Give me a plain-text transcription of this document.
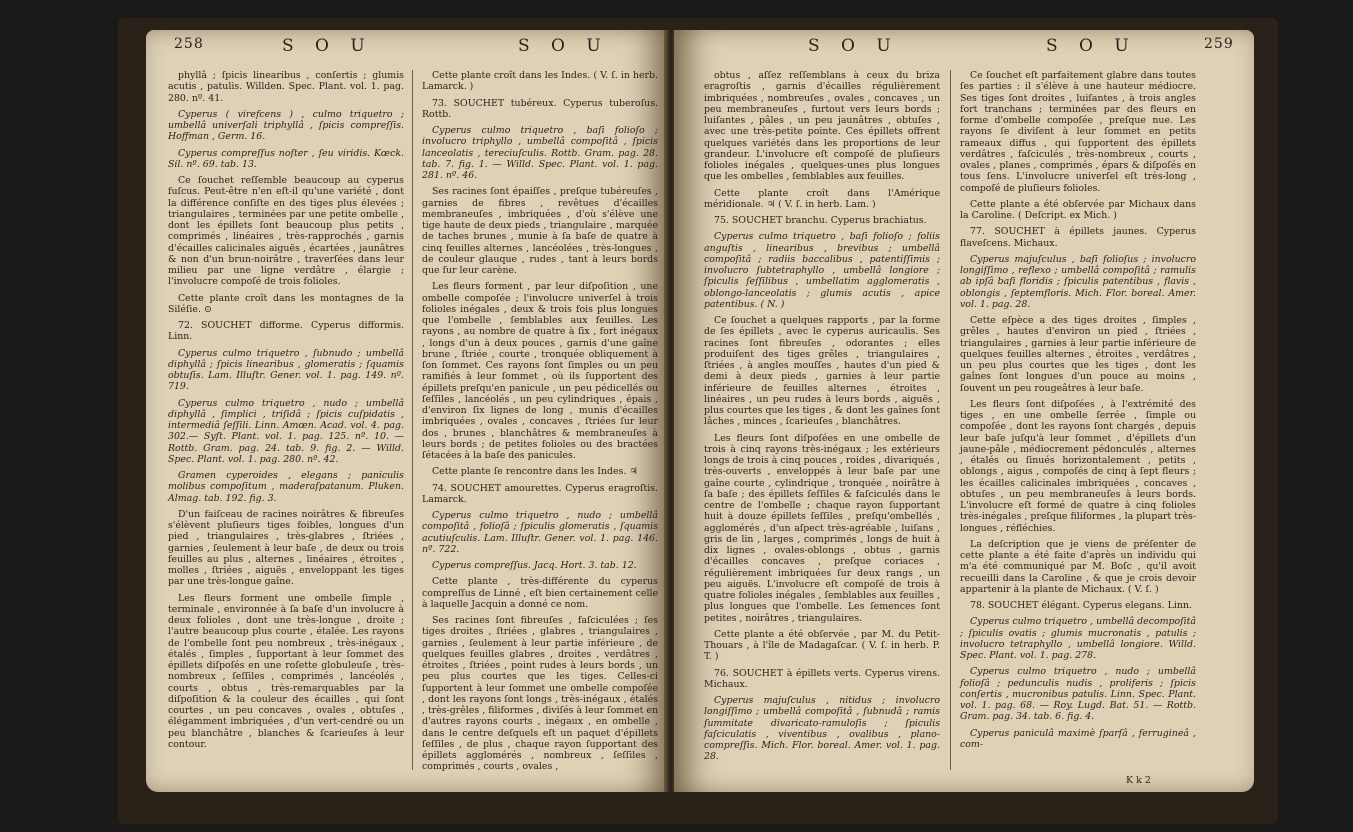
258	S O U	S O U

phyllâ ; ſpicis linearibus , conſertis ; glumis acutis , patulis. Willden. Spec. Plant. vol. 1. pag. 280. nº. 41.

Cyperus ( virefcens ) , culmo triquetro ; umbellâ univerſali triphyllâ , ſpicis compreſſis. Hoffman , Germ. 16.

Cyperus compreſſus noſter , ſeu viridis. Kœck. Sil. nº. 69. tab. 13.

Ce ſouchet reſſemble beaucoup au cyperus fuſcus. Peut-être n'en eſt-il qu'une variété , dont la différence conſiſte en des tiges plus élevées ; triangulaires , terminées par une petite ombelle , dont les épillets ſont beaucoup plus petits , comprimés , linéaires , très-rapprochés , garnis d'écailles calicinales aiguës , écartées , jaunâtres & non d'un brun-noirâtre , traverſées dans leur milieu par une ligne verdâtre , élargie ; l'involucre compoſé de trois folioles.

Cette plante croît dans les montagnes de la Siléſie. ⊙

72. SOUCHET difforme. Cyperus difformis. Linn.

Cyperus culmo triquetro , ſubnudo ; umbellâ diphyllâ ; ſpicis linearibus , glomeratis ; ſquamis obtuſis. Lam. Illuſtr. Gener. vol. 1. pag. 149. nº. 719.

Cyperus culmo triquetro , nudo ; umbellâ diphyllâ , ſimplici , triſidâ ; ſpicis cuſpidatis , intermediâ ſeſſili. Linn. Amœn. Acad. vol. 4. pag. 302.— Syſt. Plant. vol. 1. pag. 125. nº. 10. — Rottb. Gram. pag. 24. tab. 9. fig. 2. — Willd. Spec. Plant. vol. 1. pag. 280. nº. 42.

Gramen cyperoides , elegans ; paniculis molibus compoſitum , maderaſpatanum. Pluken. Almag. tab. 192. fig. 3.

D'un faiſceau de racines noirâtres & fibreuſes s'élèvent pluſieurs tiges foibles, longues d'un pied , triangulaires , très-glabres , ſtriées , garnies , ſeulement à leur baſe , de deux ou trois feuilles au plus , alternes , linéaires , étroites , molles , ſtriées , aiguës , enveloppant les tiges par une très-longue gaîne.

Les fleurs forment une ombelle ſimple , terminale , environnée à ſa baſe d'un involucre à deux folioles , dont une très-longue , droite ; l'autre beaucoup plus courte , étalée. Les rayons de l'ombelle ſont peu nombreux , très-inégaux , étalés , ſimples , ſupportant à leur ſommet des épillets diſpoſés en une roſette globuleuſe , très-nombreux , ſeſſiles , comprimés , lancéolés , courts , obtus , très-remarquables par la diſpoſition & la couleur des écailles , qui ſont courtes , un peu concaves , ovales , obtuſes , élégamment imbriquées , d'un vert-cendré ou un peu blanchâtre , blanches & ſcarieuſes à leur contour.

Cette plante croît dans les Indes. ( V. ſ. in herb. Lamarck. )

73. SOUCHET tubéreux. Cyperus tuberoſus. Rottb.

Cyperus culmo triquetro , baſi folioſo ; involucro triphyllo , umbellâ compoſitâ , ſpicis lanceolatis , tereciuſculis. Rottb. Gram. pag. 28. tab. 7. fig. 1. — Willd. Spec. Plant. vol. 1. pag. 281. nº. 46.

Ses racines ſont épaiſſes , preſque tubéreuſes , garnies de fibres , revêtues d'écailles membraneuſes , imbriquées , d'où s'élève une tige haute de deux pieds , triangulaire , marquée de taches brunes , munie à ſa baſe de quatre à cinq feuilles alternes , lancéolées , très-longues , de couleur glauque , rudes , tant à leurs bords que ſur leur carène.

Les fleurs forment , par leur diſpoſition , une ombelle compoſée ; l'involucre univerſel à trois folioles inégales , deux & trois fois plus longues que l'ombelle , ſemblables aux feuilles. Les rayons , au nombre de quatre à ſix , fort inégaux , longs d'un à deux pouces , garnis d'une gaîne brune , ſtriée , courte , tronquée obliquement à ſon ſommet. Ces rayons ſont ſimples ou un peu ramifiés à leur ſommet , où ils ſupportent des épillets preſqu'en panicule , un peu pédicellés ou ſeſſiles , lancéolés , un peu cylindriques , épais , d'environ ſix lignes de long , munis d'écailles imbriquées , ovales , concaves , ſtriées ſur leur dos , brunes , blanchâtres & membraneuſes à leurs bords ; de petites folioles ou des bractées ſétacées à la baſe des panicules.

Cette plante ſe rencontre dans les Indes. ♃

74. SOUCHET amourettes. Cyperus eragroſtis. Lamarck.

Cyperus culmo triquetro , nudo ; umbellâ compoſitâ , folioſâ ; ſpiculis glomeratis , ſquamis acutiuſculis. Lam. Illuſtr. Gener. vol. 1. pag. 146. nº. 722.

Cyperus compreſſus. Jacq. Hort. 3. tab. 12.

Cette plante , très-différente du cyperus compreſſus de Linné , eſt bien certainement celle à laquelle Jacquin a donné ce nom.

Ses racines ſont fibreuſes , faſciculées ; ſes tiges droites , ſtriées , glabres , triangulaires , garnies , ſeulement à leur partie inférieure , de quelques feuilles glabres , droites , verdâtres , étroites , ſtriées , point rudes à leurs bords , un peu plus courtes que les tiges. Celles-ci ſupportent à leur ſommet une ombelle compoſée , dont les rayons ſont longs , très-inégaux , étalés , très-grêles , filiformes , diviſés à leur ſommet en d'autres rayons courts , inégaux , en ombelle , dans le centre deſquels eſt un paquet d'épillets ſeſſiles , de plus , chaque rayon ſupportant des épillets agglomérés , nombreux , ſeſſiles , comprimés , courts , ovales ,

S O U	S O U	259

obtus , aſſez reſſemblans à ceux du briza eragroſtis , garnis d'écailles régulièrement imbriquées , nombreuſes , ovales , concaves , un peu membraneuſes , furtout vers leurs bords ; luiſantes , pâles , un peu jaunâtres , obtuſes , avec une très-petite pointe. Ces épillets offrent quelques variétés dans les proportions de leur grandeur. L'involucre eſt compoſé de pluſieurs folioles inégales , quelques-unes plus longues que les ombelles , ſemblables aux feuilles.

Cette plante croît dans l'Amérique méridionale. ♃ ( V. ſ. in herb. Lam. )

75. SOUCHET branchu. Cyperus brachiatus.

Cyperus culmo triquetro , baſi folioſo ; foliis anguſtis , linearibus , brevibus ; umbellâ compoſitâ ; radiis baccalibus , patentiſſimis ; involucro ſubtetraphyllo , umbellâ longiore ; ſpiculis ſeſſilibus , umbellatim agglomeratis , oblongo-lanceolatis ; glumis acutis , apice patentibus. ( N. )

Ce ſouchet a quelques rapports , par la forme de ſes épillets , avec le cyperus auricaulis. Ses racines ſont fibreuſes , odorantes ; elles produiſent des tiges grêles , triangulaires , ſtriées , à angles mouſſes , hautes d'un pied & demi à deux pieds , garnies à leur partie inférieure de feuilles alternes , étroites , linéaires , un peu rudes à leurs bords , aiguës , plus courtes que les tiges , & dont les gaînes ſont lâches , minces , ſcarieuſes , blanchâtres.

Les fleurs ſont diſpoſées en une ombelle de trois à cinq rayons très-inégaux ; les extérieurs longs de trois à cinq pouces , roides , divariqués , très-ouverts , enveloppés à leur baſe par une gaîne courte , cylindrique , tronquée , noirâtre à ſa baſe ; des épillets ſeſſiles & faſciculés dans le centre de l'ombelle ; chaque rayon ſupportant huit à douze épillets ſeſſiles , preſqu'ombellés , agglomérés , d'un aſpect très-agréable , luiſans , gris de lin , larges , comprimés , longs de huit à dix lignes , ovales-oblongs , obtus , garnis d'écailles concaves , preſque coriaces , régulièrement imbriquées ſur deux rangs , un peu aiguës. L'involucre eſt compoſé de trois à quatre folioles inégales , ſemblables aux feuilles , plus longues que l'ombelle. Les ſemences ſont petites , noirâtres , triangulaires.

Cette plante a été obſervée , par M. du Petit-Thouars , à l'île de Madagaſcar. ( V. ſ. in herb. P. T. )

76. SOUCHET à épillets verts. Cyperus virens. Michaux.

Cyperus majuſculus , nitidus ; involucro longiſſimo ; umbellâ compoſitâ , ſubnudâ ; ramis ſummitate divaricato-ramuloſis ; ſpiculis faſciculatis , viventibus , ovalibus , plano-compreſſis. Mich. Flor. boreal. Amer. vol. 1. pag. 28.

Ce ſouchet eſt parfaitement glabre dans toutes ſes parties : il s'élève à une hauteur médiocre. Ses tiges ſont droites , luiſantes , à trois angles fort tranchans ; terminées par des fleurs en forme d'ombelle compoſée , preſque nue. Les rayons ſe diviſent à leur ſommet en petits rameaux diffus , qui ſupportent des épillets verdâtres , faſciculés , très-nombreux , courts , ovales , planes , comprimés , épars & diſpoſés en tous ſens. L'involucre univerſel eſt très-long , compoſé de pluſieurs folioles.

Cette plante a été obſervée par Michaux dans la Caroline. ( Deſcript. ex Mich. )

77. SOUCHET à épillets jaunes. Cyperus flaveſcens. Michaux.

Cyperus majuſculus , baſi folioſus ; involucro longiſſimo , reflexo ; umbellâ compoſitâ ; ramulis ab ipſâ baſi floridis ; ſpiculis patentibus , flavis , oblongis , ſeptemfloris. Mich. Flor. boreal. Amer. vol. 1. pag. 28.

Cette eſpèce a des tiges droites , ſimples , grêles , hautes d'environ un pied , ſtriées , triangulaires , garnies à leur partie inférieure de quelques feuilles alternes , étroites , verdâtres , un peu plus courtes que les tiges , dont les gaînes ſont longues d'un pouce au moins , ſouvent un peu rougeâtres à leur baſe.

Les fleurs ſont diſpoſées , à l'extrémité des tiges , en une ombelle ſerrée , ſimple ou compoſée , dont les rayons ſont chargés , depuis leur baſe juſqu'à leur ſommet , d'épillets d'un jaune-pâle , médiocrement pédonculés , alternes , étalés ou ſinués horizontalement , petits , oblongs , aigus , compoſés de cinq à ſept fleurs ; les écailles calicinales imbriquées , concaves , obtuſes , un peu membraneuſes à leurs bords. L'involucre eſt formé de quatre à cinq folioles très-inégales , preſque filiformes , la plupart très-longues , réfléchies.

La deſcription que je viens de préſenter de cette plante a été faite d'après un individu qui m'a été communiqué par M. Boſc , qu'il avoit recueilli dans la Caroline , & que je crois devoir appartenir à la plante de Michaux. ( V. ſ. )

78. SOUCHET élégant. Cyperus elegans. Linn.

Cyperus culmo triquetro , umbellâ decompoſitâ ; ſpiculis ovatis ; glumis mucronatis , patulis ; involucro tetraphyllo , umbellâ longiore. Willd. Spec. Plant. vol. 1. pag. 278.

Cyperus culmo triquetro , nudo ; umbellâ folioſâ ; pedunculis nudis , proliferis ; ſpicis conſertis , mucronibus patulis. Linn. Spec. Plant. vol. 1. pag. 68. — Roy. Lugd. Bat. 51. — Rottb. Gram. pag. 34. tab. 6. fig. 4.

Cyperus paniculâ maximè ſparſâ , ferrugineâ , com-

K k 2
